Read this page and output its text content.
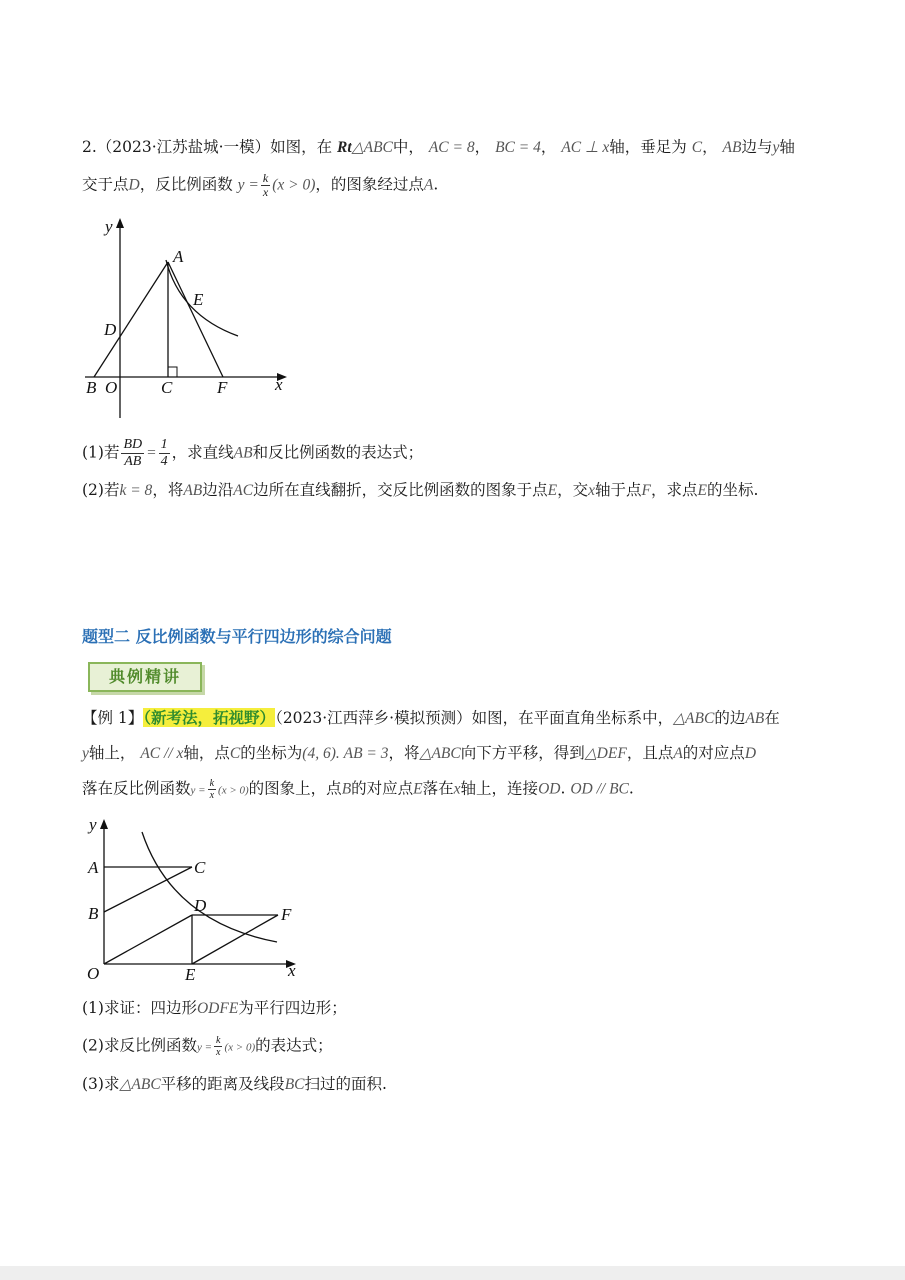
2.（2023·江苏盐城·一模）如图，在 Rt△ABC中， AC = 8， BC = 4， AC ⊥ x轴，垂足为 C， AB边与y轴
交于点D，反比例函数 $y = \frac{k}{x} (x > 0)$，的图象经过点A.
y
A
E
D
B O	C	F	x
(1)若 $\frac{BD}{AB} = \frac{1}{4}$ ，求直线AB和反比例函数的表达式；
(2)若k = 8，将AB边沿AC边所在直线翻折，交反比例函数的图象于点E，交x轴于点F，求点E的坐标.
题型二 反比例函数与平行四边形的综合问题
典例精讲
【例 1】（新考法，拓视野）（2023·江西萍乡·模拟预测）如图，在平面直角坐标系中，△ABC的边AB在
y轴上， AC // x轴，点C的坐标为(4, 6). AB = 3，将△ABC向下方平移，得到△DEF，且点A的对应点D
落在反比例函数$y = \frac{k}{x} (x > 0)$的图象上，点B的对应点E落在x轴上，连接OD. OD // BC.
y
A	C
B	D	F
O	E	x
(1)求证：四边形ODFE为平行四边形；
(2)求反比例函数$y = \frac{k}{x} (x > 0)$的表达式；
(3)求△ABC平移的距离及线段BC扫过的面积.
